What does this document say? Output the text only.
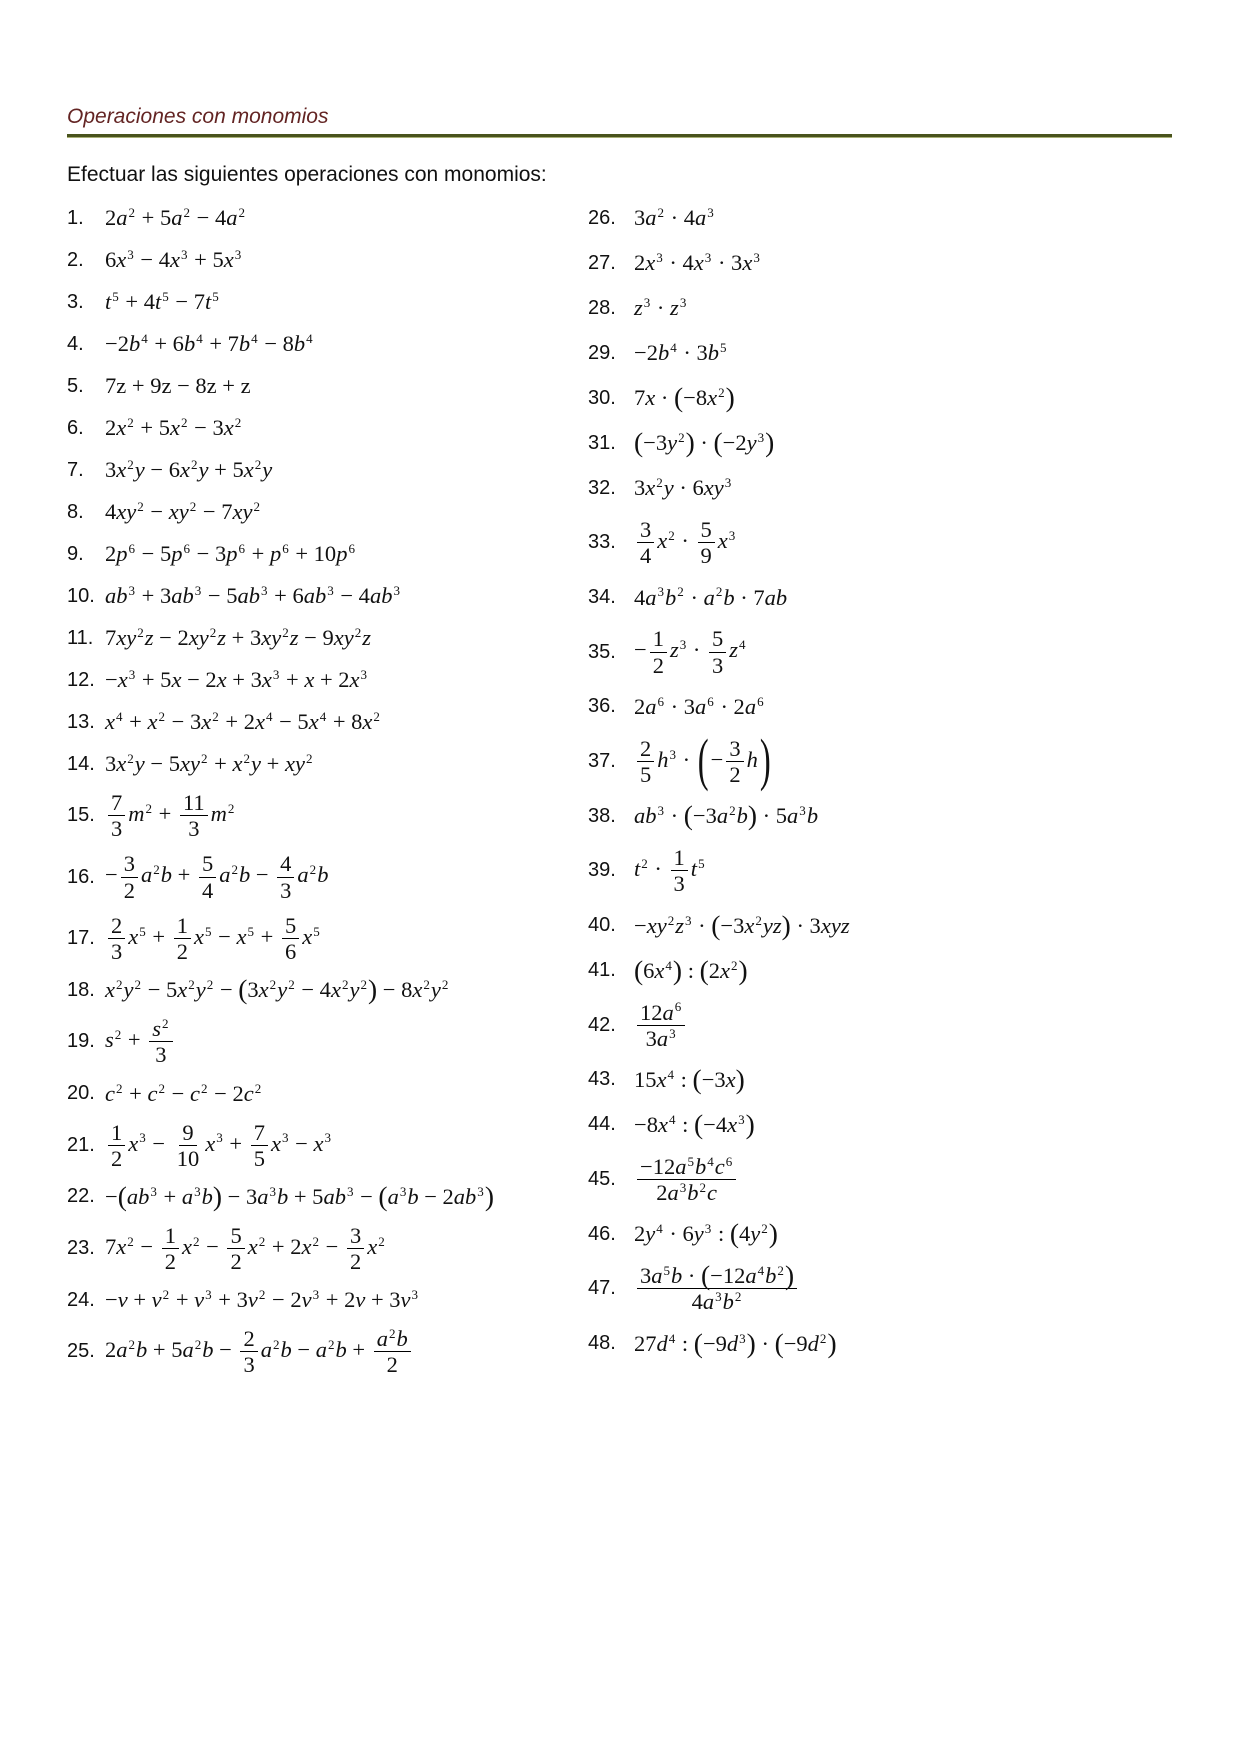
Operaciones con monomios

Efectuar las siguientes operaciones con monomios:

1. $2a^2 + 5a^2 - 4a^2$
2. $6x^3 - 4x^3 + 5x^3$
3. $t^5 + 4t^5 - 7t^5$
4. $-2b^4 + 6b^4 + 7b^4 - 8b^4$
5. 7z + 9z − 8z + z
6. $2x^2 + 5x^2 - 3x^2$
7. $3x^2y - 6x^2y + 5x^2y$
8. $4xy^2 - xy^2 - 7xy^2$
9. $2p^6 - 5p^6 - 3p^6 + p^6 + 10p^6$
10. $ab^3 + 3ab^3 - 5ab^3 + 6ab^3 - 4ab^3$
11. $7xy^2z - 2xy^2z + 3xy^2z - 9xy^2z$
12. $-x^3 + 5x - 2x + 3x^3 + x + 2x^3$
13. $x^4 + x^2 - 3x^2 + 2x^4 - 5x^4 + 8x^2$
14. $3x^2y - 5xy^2 + x^2y + xy^2$
15. $\frac{7}{3} m^2 + \frac{11}{3} m^2$
16. − $\frac{3}{2} a^2b + \frac{5}{4} a^2b - \frac{4}{3} a^2b$
17. $\frac{2}{3} x^5 + \frac{1}{2} x^5 - x^5 + \frac{5}{6} x^5$
18. $x^2y^2 - 5x^2y^2 - (3x^2y^2 - 4x^2y^2) - 8x^2y^2$
19. $s^2 + \frac{s^2}{3}$
20. $c^2 + c^2 - c^2 - 2c^2$
21. $\frac{1}{2} x^3 - \frac{9}{10} x^3 + \frac{7}{5} x^3 - x^3$
22. $-(ab^3 + a^3b) - 3a^3b + 5ab^3 - (a^3b - 2ab^3)$
23. $7x^2 - \frac{1}{2} x^2 - \frac{5}{2} x^2 + 2x^2 - \frac{3}{2} x^2$
24. $-v + v^2 + v^3 + 3v^2 - 2v^3 + 2v + 3v^3$
25. $2a^2b + 5a^2b - \frac{2}{3} a^2b - a^2b + \frac{a^2b}{2}$
26. $3a^2 \cdot 4a^3$
27. $2x^3 \cdot 4x^3 \cdot 3x^3$
28. $z^3 \cdot z^3$
29. $-2b^4 \cdot 3b^5$
30. $7x \cdot (-8x^2)$
31. $(-3y^2) \cdot (-2y^3)$
32. $3x^2y \cdot 6xy^3$
33. $\frac{3}{4} x^2 \cdot \frac{5}{9} x^3$
34. $4a^3b^2 \cdot a^2b \cdot 7ab$
35. − $\frac{1}{2} z^3 \cdot \frac{5}{3} z^4$
36. $2a^6 \cdot 3a^6 \cdot 2a^6$
37. $\frac{2}{5} h^3$ · (− $\frac{3}{2} h$)
38. $ab^3 \cdot (-3a^2b) \cdot 5a^3b$
39. $t^2 \cdot \frac{1}{3} t^5$
40. $-xy^2z^3 \cdot (-3x^2yz) \cdot 3xyz$
41. $(6x^4)$ : $(2x^2)$
42. $\frac{12a^6}{3a^3}$
43. $15x^4$ : (−3x)
44. $-8x^4$ : $(-4x^3)$
45. $\frac{-12a^5b^4c^6}{2a^3b^2c}$
46. $2y^4 \cdot 6y^3$ : $(4y^2)$
47. $\frac{3a^5b \cdot (-12a^4b^2)}{4a^3b^2}$
48. $27d^4$ : $(-9d^3) \cdot (-9d^2)$
